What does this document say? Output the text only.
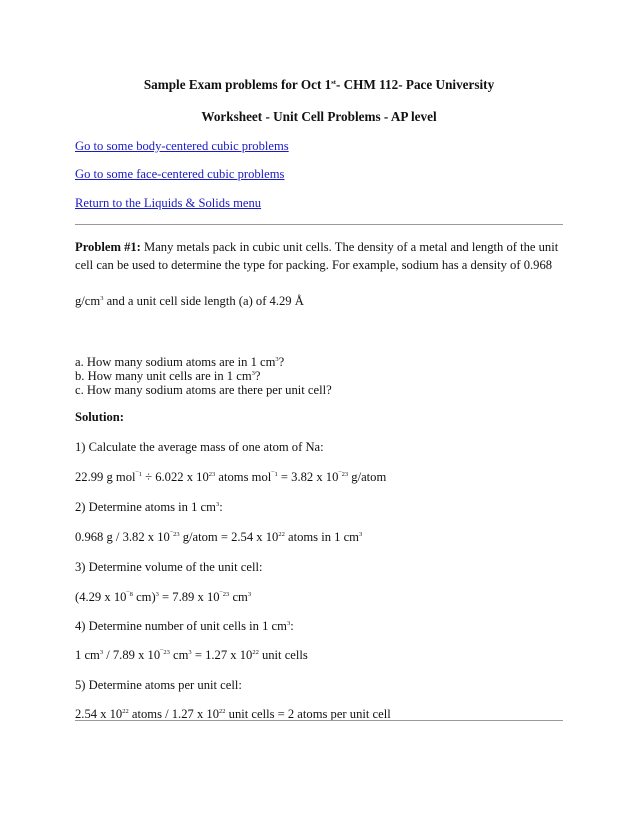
Sample Exam problems for Oct 1st- CHM 112- Pace University
Worksheet - Unit Cell Problems - AP level
Go to some body-centered cubic problems
Go to some face-centered cubic problems
Return to the Liquids & Solids menu
Problem #1: Many metals pack in cubic unit cells. The density of a metal and length of the unit
cell can be used to determine the type for packing. For example, sodium has a density of 0.968
$g/cm^3$ and a unit cell side length (a) of 4.29 Å
a. How many sodium atoms are in 1 $cm^3$?
b. How many unit cells are in 1 $cm^3$?
c. How many sodium atoms are there per unit cell?
Solution:
1) Calculate the average mass of one atom of Na:
22.99 g mol$^{¯1}$ ÷ 6.022 x $10^{23}$ atoms mol$^{¯1}$ = 3.82 x $10^{¯23}$ g/atom
2) Determine atoms in 1 $cm^3$:
0.968 g / 3.82 x $10^{¯23}$ g/atom = 2.54 x $10^{22}$ atoms in 1 $cm^3$
3) Determine volume of the unit cell:
(4.29 x $10^{¯8}$ cm)$^3$ = 7.89 x $10^{¯23}$ $cm^3$
4) Determine number of unit cells in 1 $cm^3$:
1 $cm^3 / 7.89$ x $10^{¯23}$ $cm^3 = 1.27$ x $10^{22}$ unit cells
5) Determine atoms per unit cell:
2.54 x $10^{22}$ atoms / 1.27 x $10^{22}$ unit cells = 2 atoms per unit cell
